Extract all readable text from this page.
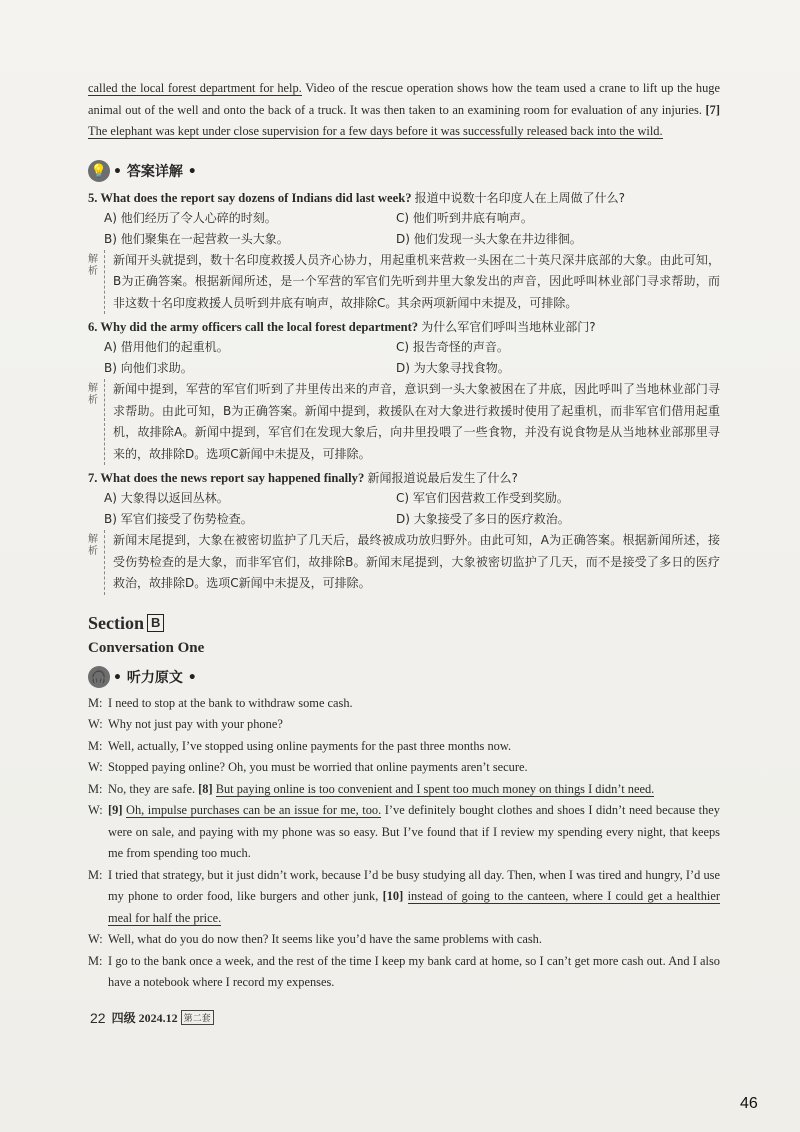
called the local forest department for help. Video of the rescue operation shows how the team used a crane to lift up the huge animal out of the well and onto the back of a truck. It was then taken to an examining room for evaluation of any injuries. [7] The elephant was kept under close supervision for a few days before it was successfully released back into the wild.

💡 • 答案详解 •

5. What does the report say dozens of Indians did last week? 报道中说数十名印度人在上周做了什么?

A) 他们经历了令人心碎的时刻。	C) 他们听到井底有响声。
B) 他们聚集在一起营救一头大象。	D) 他们发现一头大象在井边徘徊。
解析
新闻开头就提到，数十名印度救援人员齐心协力，用起重机来营救一头困在二十英尺深井底部的大象。由此可知，B为正确答案。根据新闻所述，是一个军营的军官们先听到井里大象发出的声音，因此呼叫林业部门寻求帮助，而非这数十名印度救援人员听到井底有响声，故排除C。其余两项新闻中未提及，可排除。

6. Why did the army officers call the local forest department? 为什么军官们呼叫当地林业部门?

A) 借用他们的起重机。	C) 报告奇怪的声音。
B) 向他们求助。	D) 为大象寻找食物。
解析
新闻中提到，军营的军官们听到了井里传出来的声音，意识到一头大象被困在了井底，因此呼叫了当地林业部门寻求帮助。由此可知，B为正确答案。新闻中提到，救援队在对大象进行救援时使用了起重机，而非军官们借用起重机，故排除A。新闻中提到，军官们在发现大象后，向井里投喂了一些食物，并没有说食物是从当地林业部那里寻来的，故排除D。选项C新闻中未提及，可排除。

7. What does the news report say happened finally? 新闻报道说最后发生了什么?

A) 大象得以返回丛林。	C) 军官们因营救工作受到奖励。
B) 军官们接受了伤势检查。	D) 大象接受了多日的医疗救治。
解析
新闻末尾提到，大象在被密切监护了几天后，最终被成功放归野外。由此可知，A为正确答案。根据新闻所述，接受伤势检查的是大象，而非军官们，故排除B。新闻末尾提到，大象被密切监护了几天，而不是接受了多日的医疗救治，故排除D。选项C新闻中未提及，可排除。
Section B
Conversation One
🎧 • 听力原文 •
M: I need to stop at the bank to withdraw some cash.
W: Why not just pay with your phone?
M: Well, actually, I’ve stopped using online payments for the past three months now.
W: Stopped paying online? Oh, you must be worried that online payments aren’t secure.
M: No, they are safe. [8] But paying online is too convenient and I spent too much money on things I didn’t need.
W: [9] Oh, impulse purchases can be an issue for me, too. I’ve definitely bought clothes and shoes I didn’t need because they were on sale, and paying with my phone was so easy. But I’ve found that if I review my spending every night, that keeps me from spending too much.
M: I tried that strategy, but it just didn’t work, because I’d be busy studying all day. Then, when I was tired and hungry, I’d use my phone to order food, like burgers and other junk, [10] instead of going to the canteen, where I could get a healthier meal for half the price.
W: Well, what do you do now then? It seems like you’d have the same problems with cash.
M: I go to the bank once a week, and the rest of the time I keep my bank card at home, so I can’t get more cash out. And I also have a notebook where I record my expenses.
22 四级 2024.12 第二套
46
